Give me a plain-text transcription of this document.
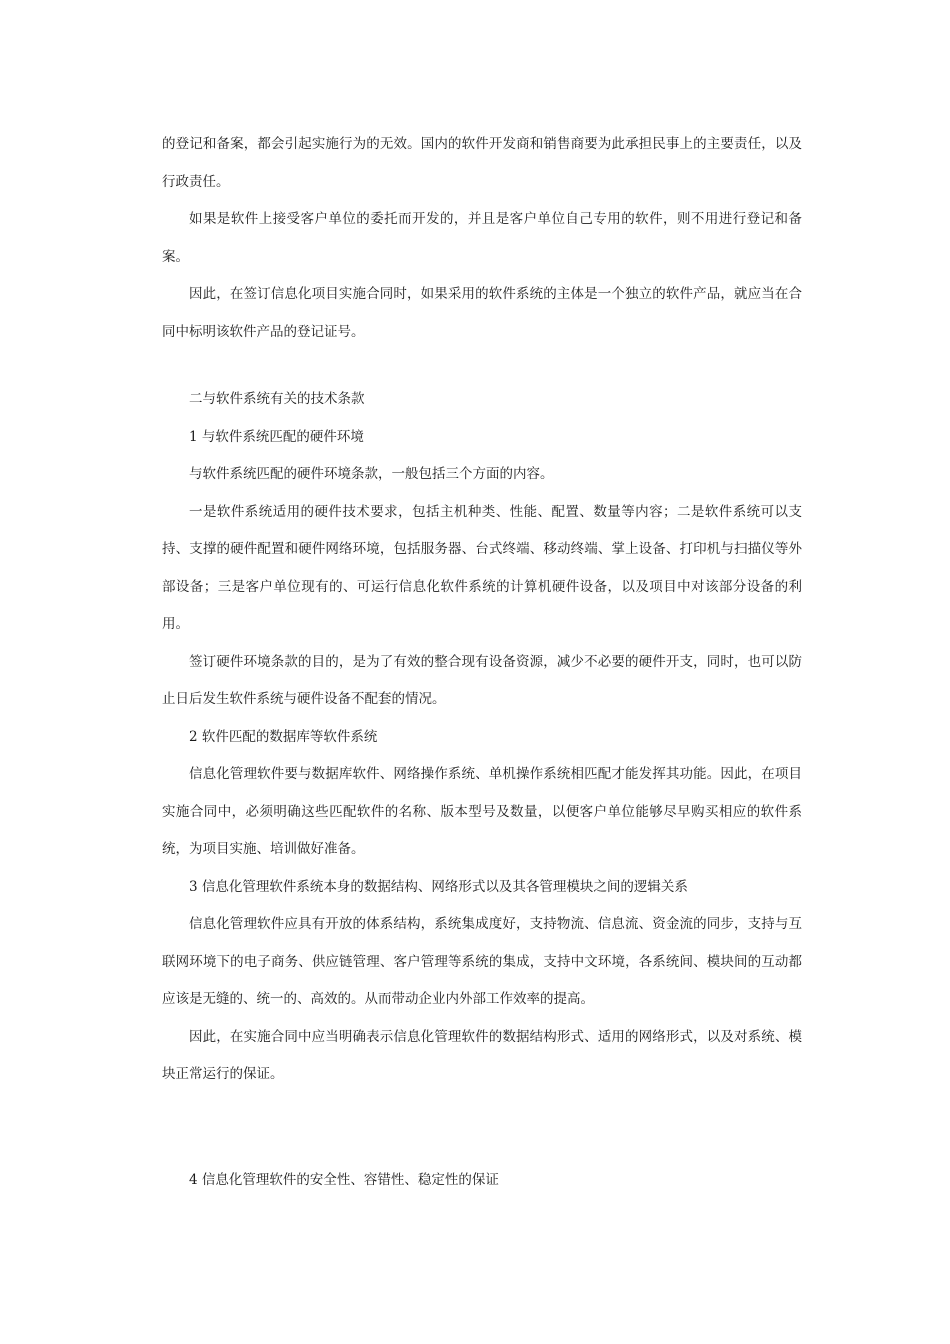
的登记和备案，都会引起实施行为的无效。国内的软件开发商和销售商要为此承担民事上的主要责任，以及行政责任。

如果是软件上接受客户单位的委托而开发的，并且是客户单位自己专用的软件，则不用进行登记和备案。

因此，在签订信息化项目实施合同时，如果采用的软件系统的主体是一个独立的软件产品，就应当在合同中标明该软件产品的登记证号。

二与软件系统有关的技术条款

1 与软件系统匹配的硬件环境

与软件系统匹配的硬件环境条款，一般包括三个方面的内容。

一是软件系统适用的硬件技术要求，包括主机种类、性能、配置、数量等内容；二是软件系统可以支持、支撑的硬件配置和硬件网络环境，包括服务器、台式终端、移动终端、掌上设备、打印机与扫描仪等外部设备；三是客户单位现有的、可运行信息化软件系统的计算机硬件设备，以及项目中对该部分设备的利用。

签订硬件环境条款的目的，是为了有效的整合现有设备资源，减少不必要的硬件开支，同时，也可以防止日后发生软件系统与硬件设备不配套的情况。

2 软件匹配的数据库等软件系统

信息化管理软件要与数据库软件、网络操作系统、单机操作系统相匹配才能发挥其功能。因此，在项目实施合同中，必须明确这些匹配软件的名称、版本型号及数量，以便客户单位能够尽早购买相应的软件系统，为项目实施、培训做好准备。

3 信息化管理软件系统本身的数据结构、网络形式以及其各管理模块之间的逻辑关系

信息化管理软件应具有开放的体系结构，系统集成度好，支持物流、信息流、资金流的同步，支持与互联网环境下的电子商务、供应链管理、客户管理等系统的集成，支持中文环境，各系统间、模块间的互动都应该是无缝的、统一的、高效的。从而带动企业内外部工作效率的提高。

因此，在实施合同中应当明确表示信息化管理软件的数据结构形式、适用的网络形式，以及对系统、模块正常运行的保证。

4 信息化管理软件的安全性、容错性、稳定性的保证
